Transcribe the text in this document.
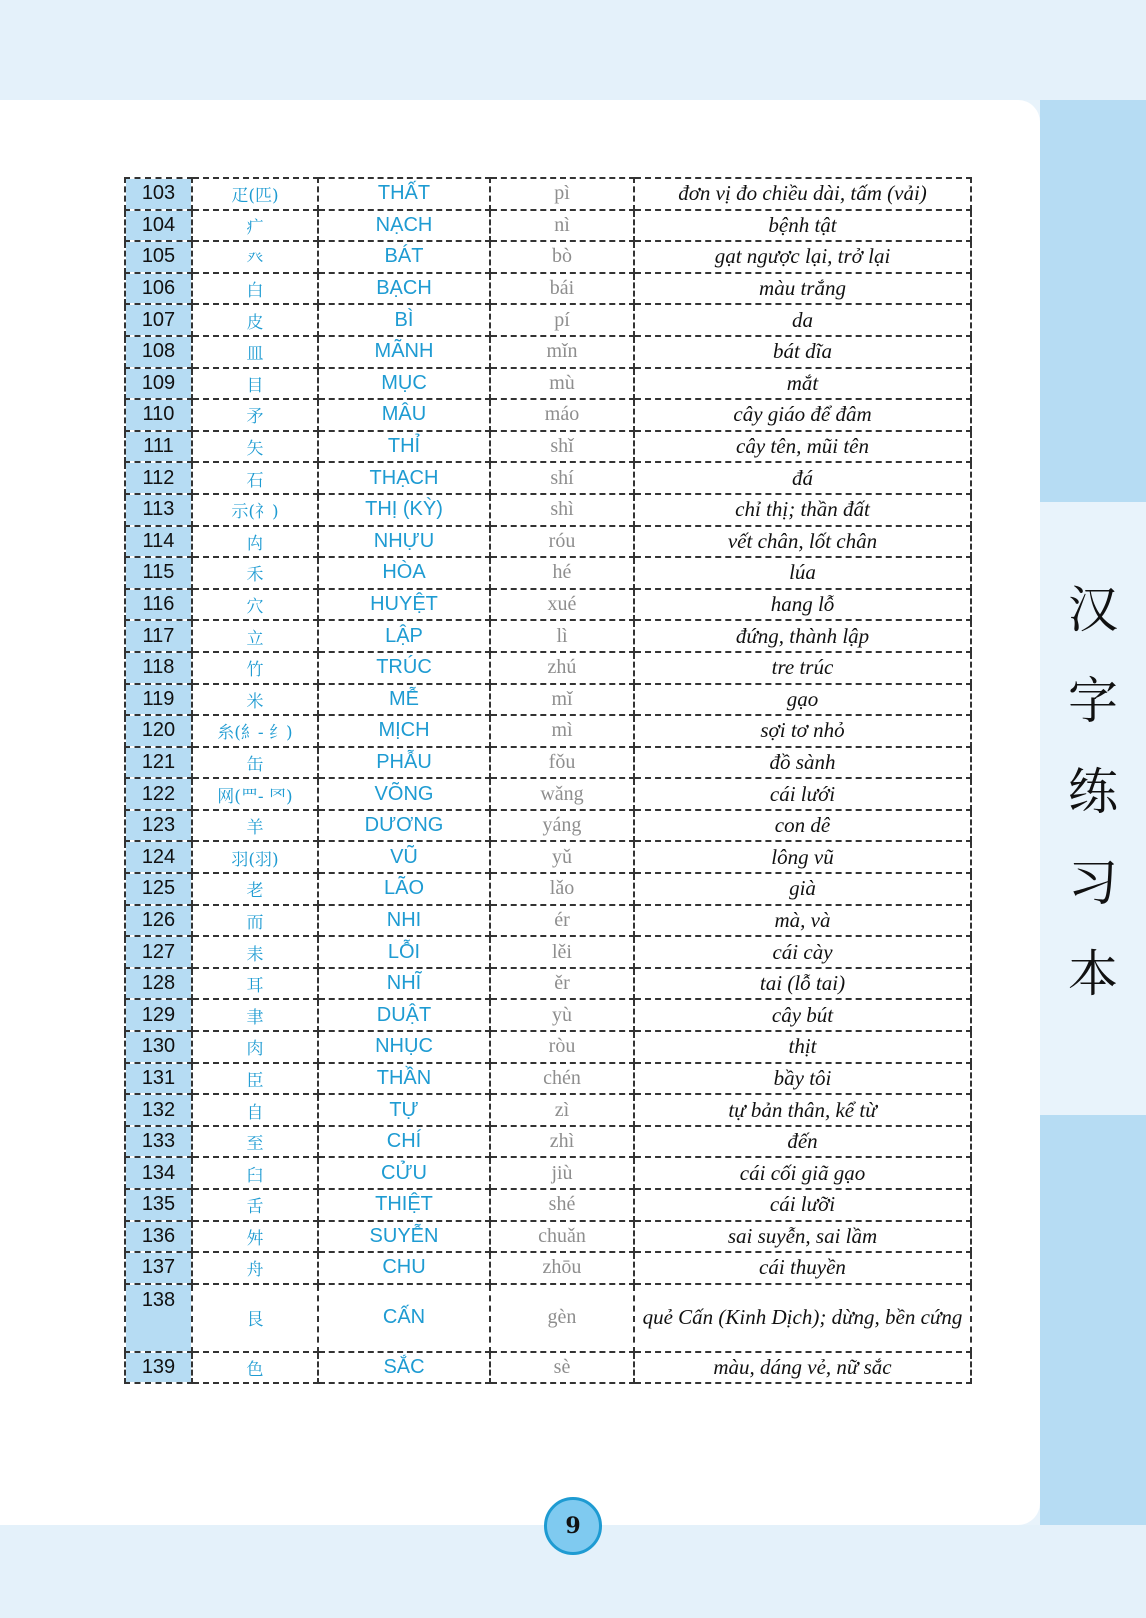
汉
字
练
习
本
103	疋(匹)	THẤT	pì	đơn vị đo chiều dài, tấm (vải)
104	疒	NẠCH	nì	bệnh tật
105	癶	BÁT	bò	gạt ngược lại, trở lại
106	白	BẠCH	bái	màu trắng
107	皮	BÌ	pí	da
108	皿	MÃNH	mǐn	bát dĩa
109	目	MỤC	mù	mắt
110	矛	MÂU	máo	cây giáo để đâm
111	矢	THỈ	shǐ	cây tên, mũi tên
112	石	THẠCH	shí	đá
113	示(礻)	THỊ (KỲ)	shì	chỉ thị; thần đất
114	禸	NHỰU	róu	vết chân, lốt chân
115	禾	HÒA	hé	lúa
116	穴	HUYỆT	xué	hang lỗ
117	立	LẬP	lì	đứng, thành lập
118	竹	TRÚC	zhú	tre trúc
119	米	MỄ	mǐ	gạo
120	糸(糹- 纟)	MỊCH	mì	sợi tơ nhỏ
121	缶	PHẪU	fǒu	đồ sành
122	网(罒- 罓)	VÕNG	wǎng	cái lưới
123	羊	DƯƠNG	yáng	con dê
124	羽(羽)	VŨ	yǔ	lông vũ
125	老	LÃO	lǎo	già
126	而	NHI	ér	mà, và
127	耒	LỖI	lěi	cái cày
128	耳	NHĨ	ěr	tai (lỗ tai)
129	聿	DUẬT	yù	cây bút
130	肉	NHỤC	ròu	thịt
131	臣	THẦN	chén	bầy tôi
132	自	TỰ	zì	tự bản thân, kể từ
133	至	CHÍ	zhì	đến
134	臼	CỬU	jiù	cái cối giã gạo
135	舌	THIỆT	shé	cái lưỡi
136	舛	SUYỄN	chuǎn	sai suyễn, sai lầm
137	舟	CHU	zhōu	cái thuyền
138	艮	CẤN	gèn	quẻ Cấn (Kinh Dịch); dừng, bền cứng
139	色	SẮC	sè	màu, dáng vẻ, nữ sắc
9
